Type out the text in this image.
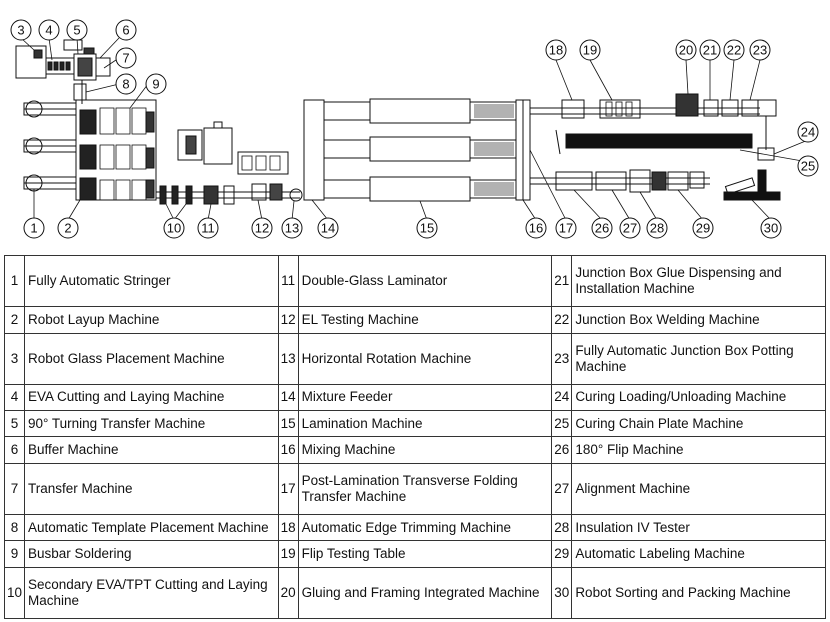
1 2
3 4 5	6
7
8 9
10 11	12 13 14	15	16 17
18 19	20 21 22 23
24
25
26 27 28 29	30
1	Fully Automatic Stringer	11	Double-Glass Laminator	21	Junction Box Glue Dispensing and Installation Machine
2	Robot Layup Machine	12	EL Testing Machine	22	Junction Box Welding Machine
3	Robot Glass Placement Machine	13	Horizontal Rotation Machine	23	Fully Automatic Junction Box Potting Machine
4	EVA Cutting and Laying Machine	14	Mixture Feeder	24	Curing Loading/Unloading Machine
5	90° Turning Transfer Machine	15	Lamination Machine	25	Curing Chain Plate Machine
6	Buffer Machine	16	Mixing Machine	26	180° Flip Machine
7	Transfer Machine	17	Post-Lamination Transverse Folding Transfer Machine	27	Alignment Machine
8	Automatic Template Placement Machine	18	Automatic Edge Trimming Machine	28	Insulation IV Tester
9	Busbar Soldering	19	Flip Testing Table	29	Automatic Labeling Machine
10	Secondary EVA/TPT Cutting and Laying Machine	20	Gluing and Framing Integrated Machine	30	Robot Sorting and Packing Machine
